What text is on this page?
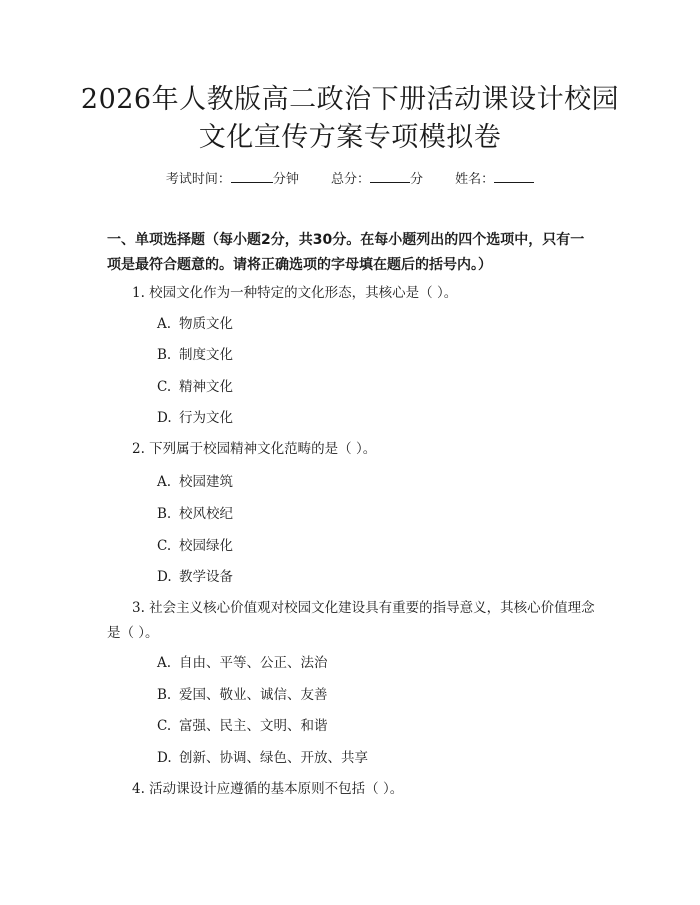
2026年人教版高二政治下册活动课设计校园
文化宣传方案专项模拟卷
考试时间：	分钟 总分：	分 姓名：
一、单项选择题（每小题2分，共30分。在每小题列出的四个选项中，只有一项是最符合题意的。请将正确选项的字母填在题后的括号内。）
1. 校园文化作为一种特定的文化形态，其核心是（ ）。
A. 物质文化
B. 制度文化
C. 精神文化
D. 行为文化
2. 下列属于校园精神文化范畴的是（ ）。
A. 校园建筑
B. 校风校纪
C. 校园绿化
D. 教学设备
3. 社会主义核心价值观对校园文化建设具有重要的指导意义，其核心价值理念是（ ）。
A. 自由、平等、公正、法治
B. 爱国、敬业、诚信、友善
C. 富强、民主、文明、和谐
D. 创新、协调、绿色、开放、共享
4. 活动课设计应遵循的基本原则不包括（ ）。
